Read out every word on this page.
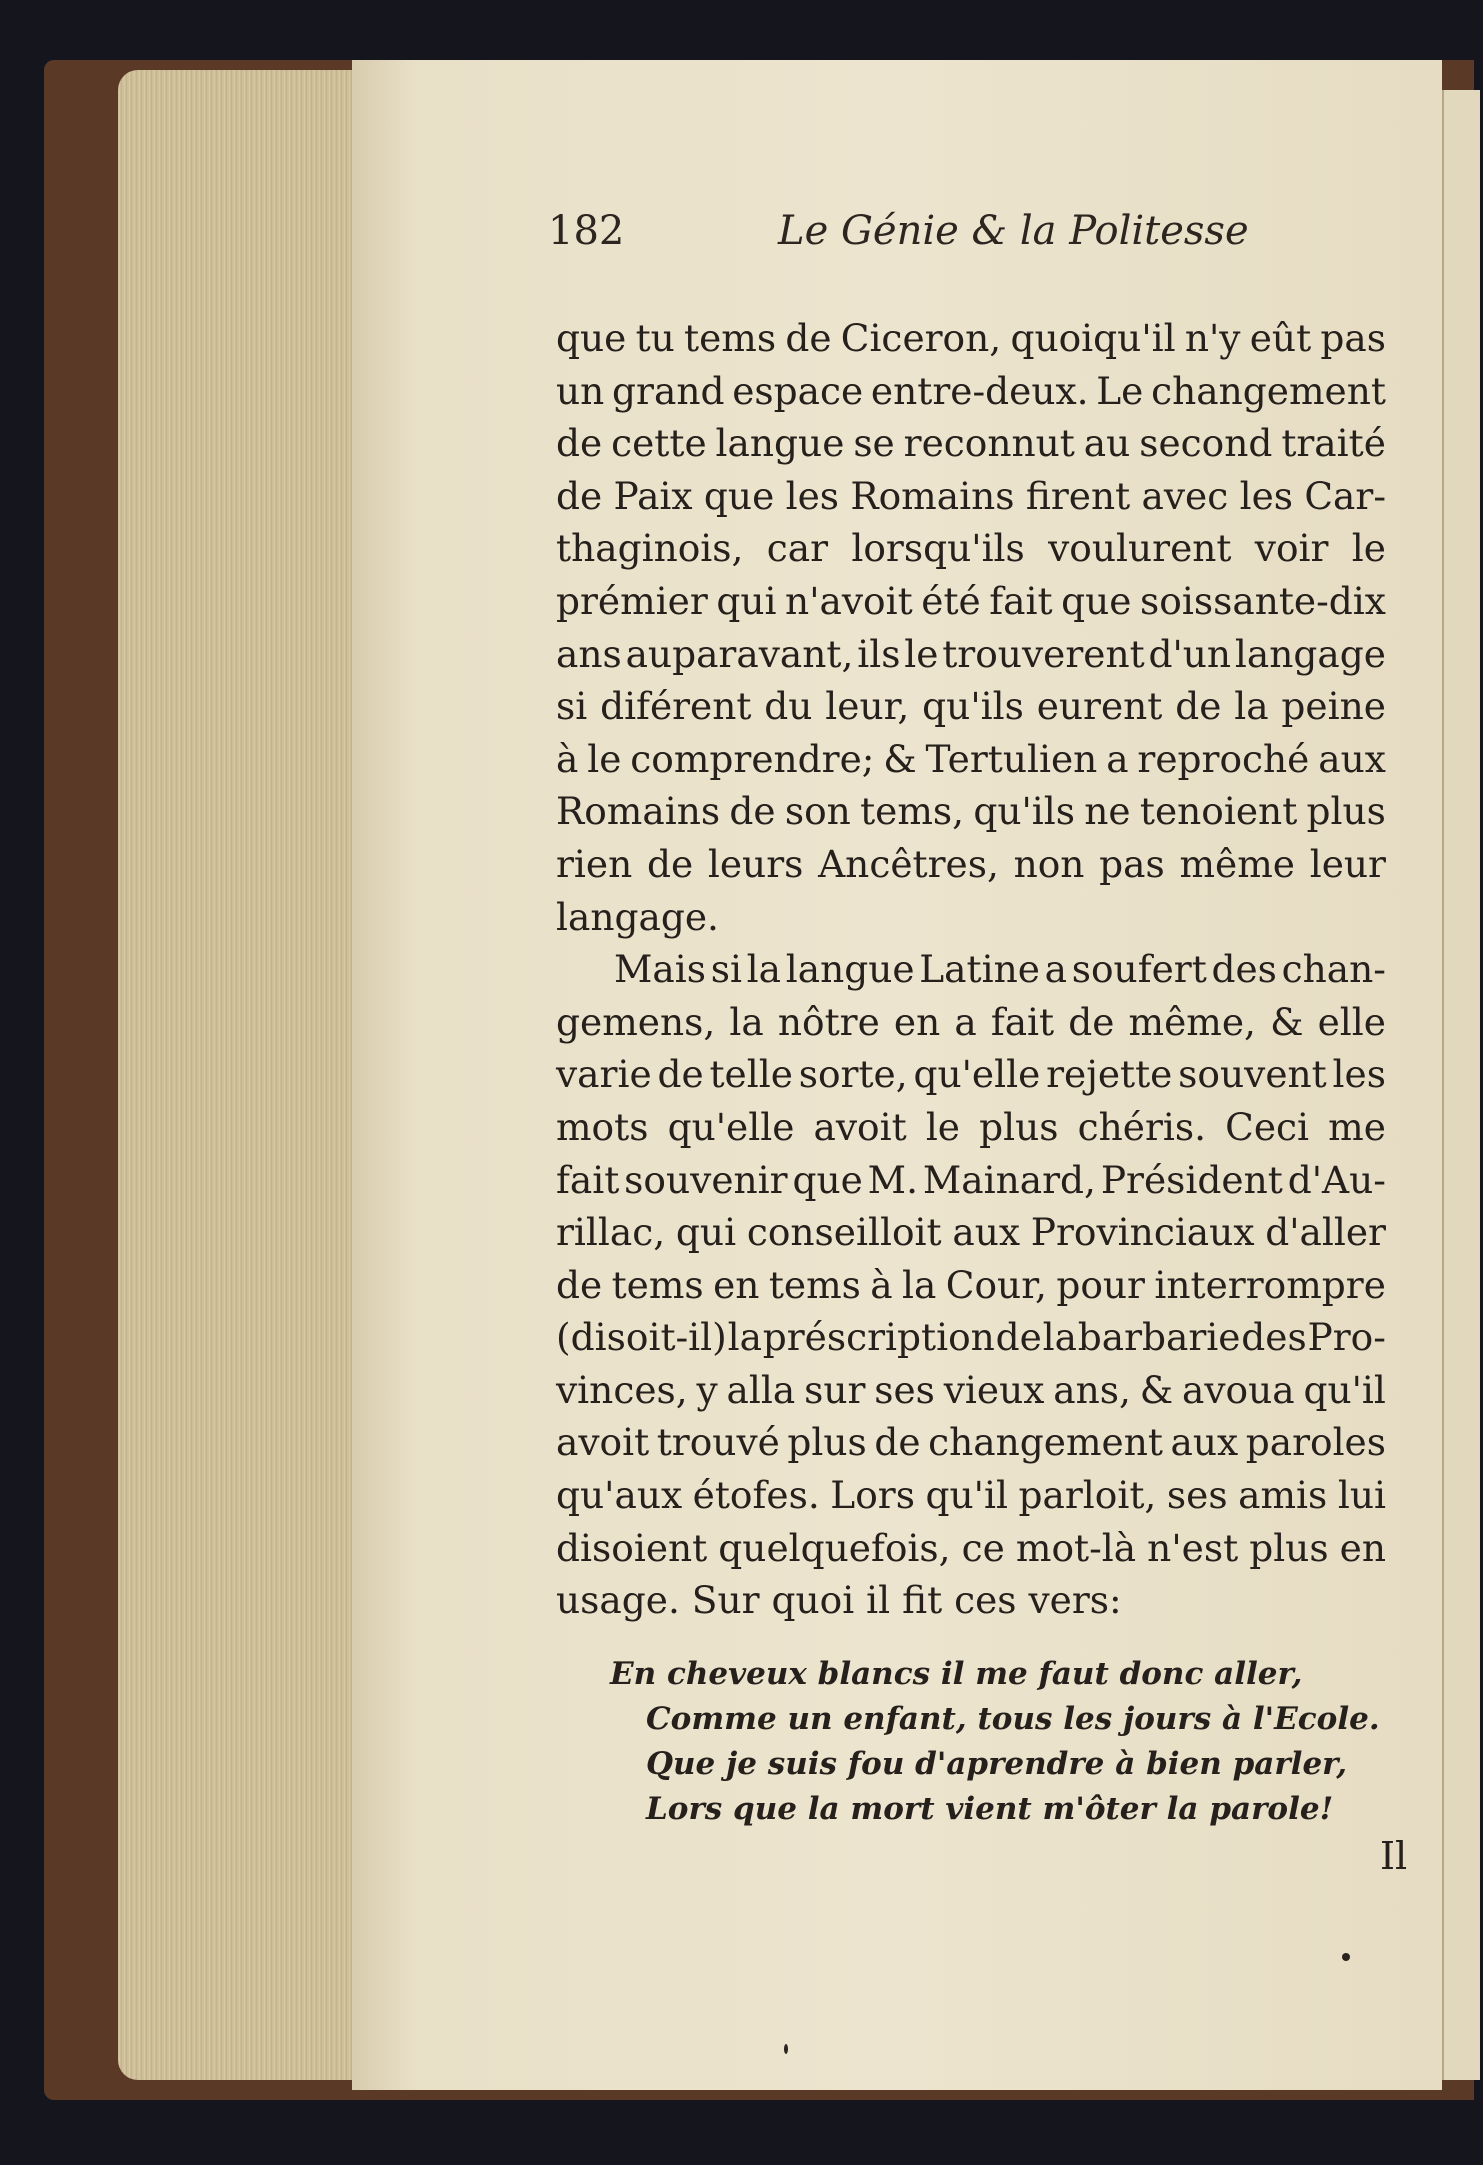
182	Le Génie & la Politesse
que tu tems de Ciceron, quoiqu'il n'y eût pas
un grand espace entre-deux. Le changement
de cette langue se reconnut au second traité
de Paix que les Romains firent avec les Car-
thaginois, car lorsqu'ils voulurent voir le
prémier qui n'avoit été fait que soissante-dix
ans auparavant, ils le trouverent d'un langage
si diférent du leur, qu'ils eurent de la peine
à le comprendre; & Tertulien a reproché aux
Romains de son tems, qu'ils ne tenoient plus
rien de leurs Ancêtres, non pas même leur
langage.
Mais si la langue Latine a soufert des chan-
gemens, la nôtre en a fait de même, & elle
varie de telle sorte, qu'elle rejette souvent les
mots qu'elle avoit le plus chéris. Ceci me
fait souvenir que M. Mainard, Président d'Au-
rillac, qui conseilloit aux Provinciaux d'aller
de tems en tems à la Cour, pour interrompre
(disoit-il) la préscription de la barbarie des Pro-
vinces, y alla sur ses vieux ans, & avoua qu'il
avoit trouvé plus de changement aux paroles
qu'aux étofes. Lors qu'il parloit, ses amis lui
disoient quelquefois, ce mot-là n'est plus en
usage. Sur quoi il fit ces vers:
En cheveux blancs il me faut donc aller,
Comme un enfant, tous les jours à l'Ecole.
Que je suis fou d'aprendre à bien parler,
Lors que la mort vient m'ôter la parole!
Il
